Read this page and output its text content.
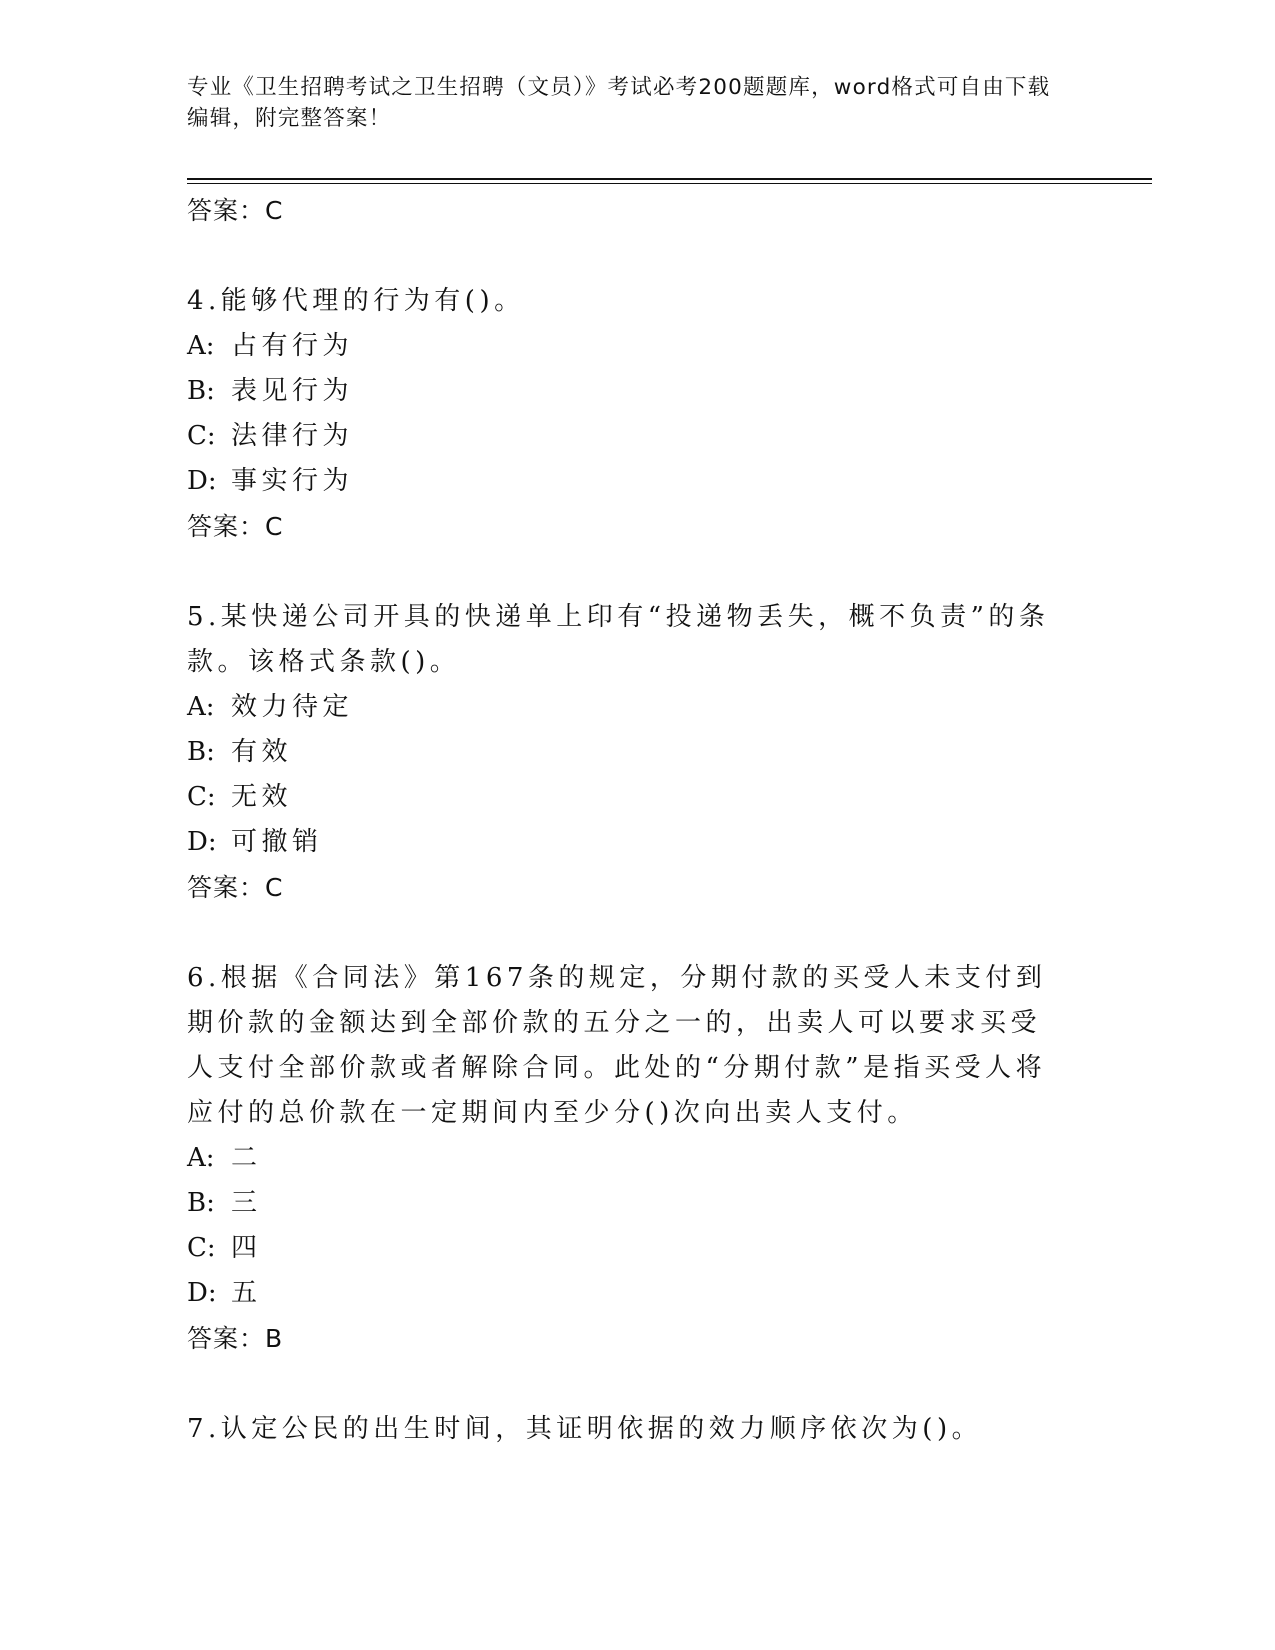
专业《卫生招聘考试之卫生招聘（文员）》考试必考200题题库，word格式可自由下载编辑，附完整答案！
答案：C
4.能够代理的行为有()。
A: 占有行为
B: 表见行为
C: 法律行为
D: 事实行为
答案：C
5.某快递公司开具的快递单上印有“投递物丢失，概不负责”的条款。该格式条款()。
A: 效力待定
B: 有效
C: 无效
D: 可撤销
答案：C
6.根据《合同法》第167条的规定，分期付款的买受人未支付到期价款的金额达到全部价款的五分之一的，出卖人可以要求买受人支付全部价款或者解除合同。此处的“分期付款”是指买受人将应付的总价款在一定期间内至少分()次向出卖人支付。
A: 二
B: 三
C: 四
D: 五
答案：B
7.认定公民的出生时间，其证明依据的效力顺序依次为()。
